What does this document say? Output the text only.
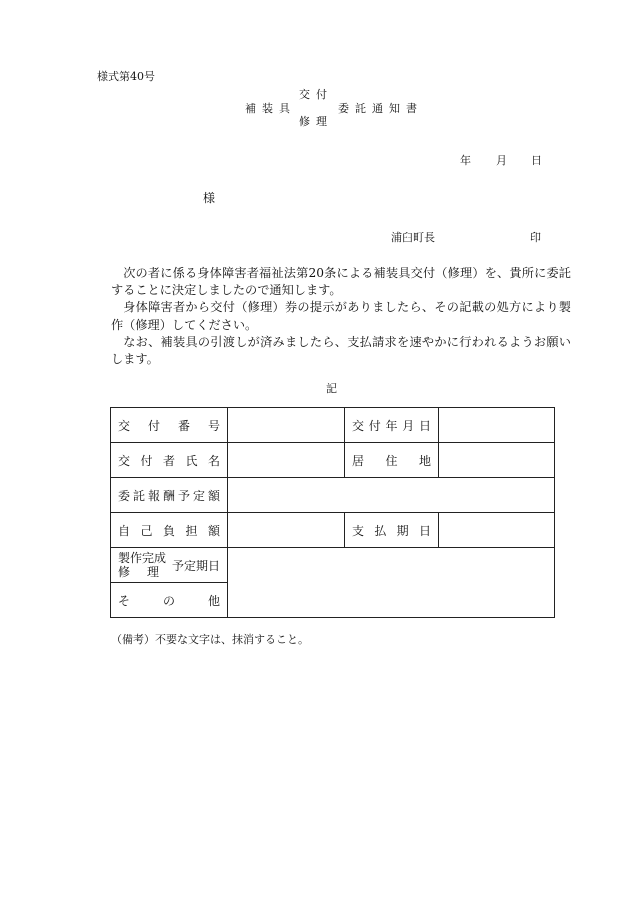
様式第40号
交付
補装具	委託通知書
修理
年 月 日
様
浦臼町長	印

次の者に係る身体障害者福祉法第20条による補装具交付（修理）を、貴所に委託することに決定しましたので通知します。

身体障害者から交付（修理）券の提示がありましたら、その記載の処方により製作（修理）してください。

なお、補装具の引渡しが済みましたら、支払請求を速やかに行われるようお願いします。

記
交付番号		交付年月日	
交付者氏名		居住地	
委託報酬予定額			
自己負担額		支払期日	

製作完成
修 理 予定期日			

その他			
（備考）不要な文字は、抹消すること。
